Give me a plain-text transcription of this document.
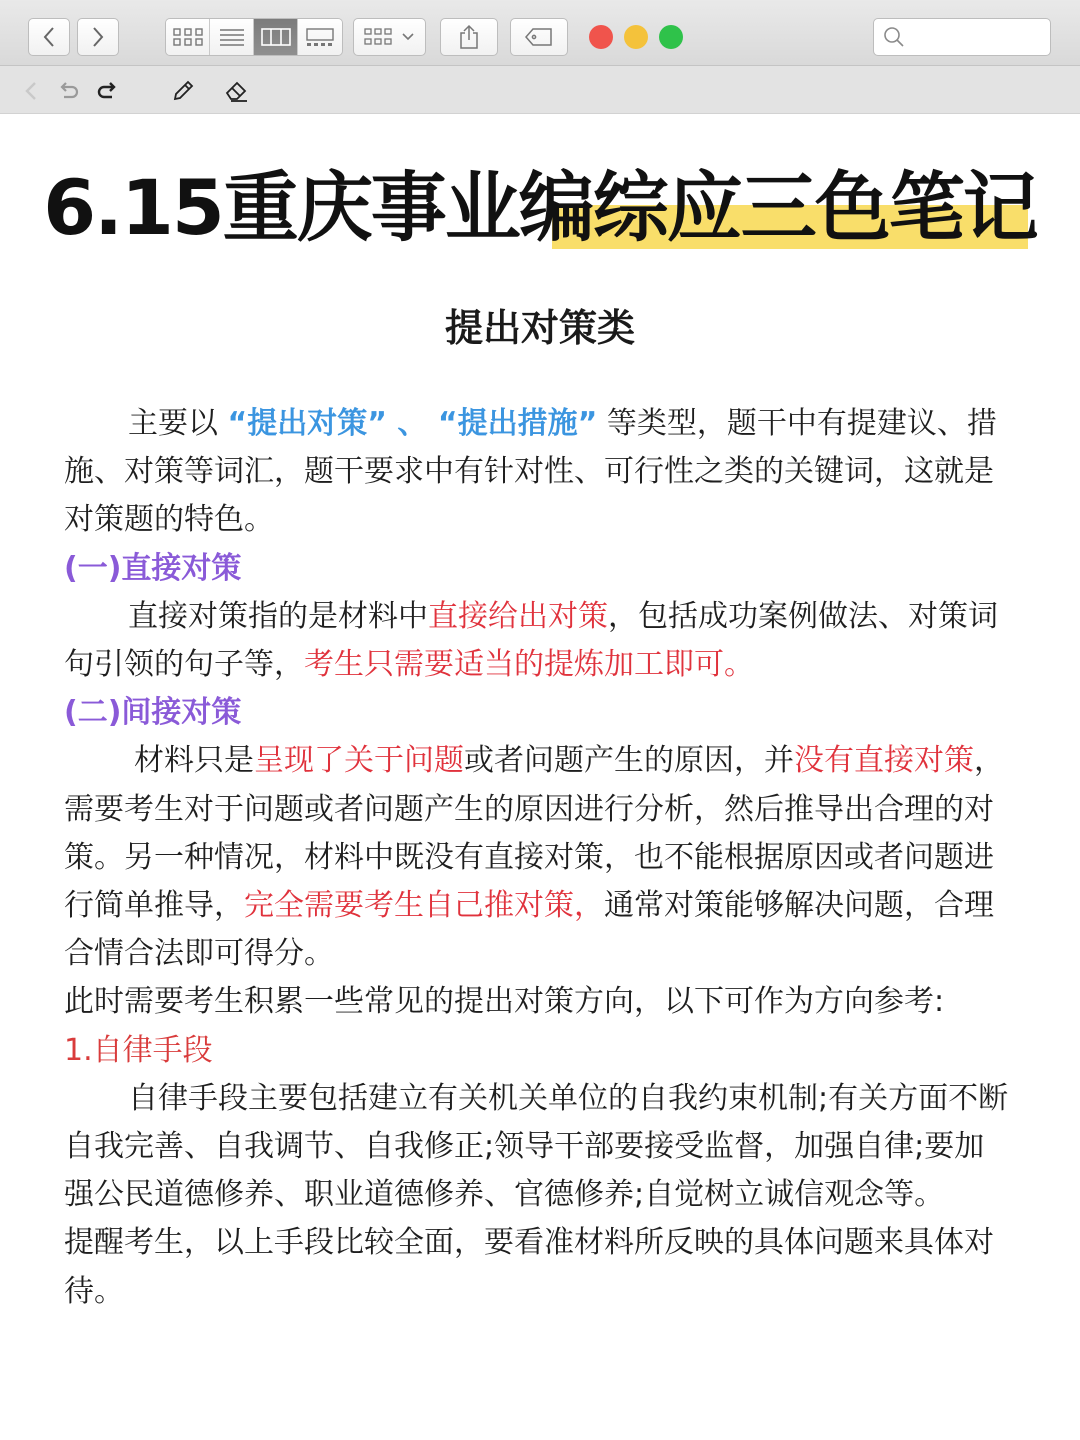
6.15重庆事业编综应三色笔记
提出对策类

主要以 “提出对策” 、 “提出措施” 等类型，题干中有提建议、措施、对策等词汇，题干要求中有针对性、可行性之类的关键词，这就是对策题的特色。

(一)直接对策

直接对策指的是材料中直接给出对策，包括成功案例做法、对策词句引领的句子等，考生只需要适当的提炼加工即可。

(二)间接对策

材料只是呈现了关于问题或者问题产生的原因，并没有直接对策，需要考生对于问题或者问题产生的原因进行分析，然后推导出合理的对策。另一种情况，材料中既没有直接对策，也不能根据原因或者问题进行简单推导，完全需要考生自己推对策，通常对策能够解决问题，合理合情合法即可得分。

此时需要考生积累一些常见的提出对策方向，以下可作为方向参考:

1.自律手段

自律手段主要包括建立有关机关单位的自我约束机制;有关方面不断自我完善、自我调节、自我修正;领导干部要接受监督，加强自律;要加强公民道德修养、职业道德修养、官德修养;自觉树立诚信观念等。

提醒考生，以上手段比较全面，要看准材料所反映的具体问题来具体对待。
